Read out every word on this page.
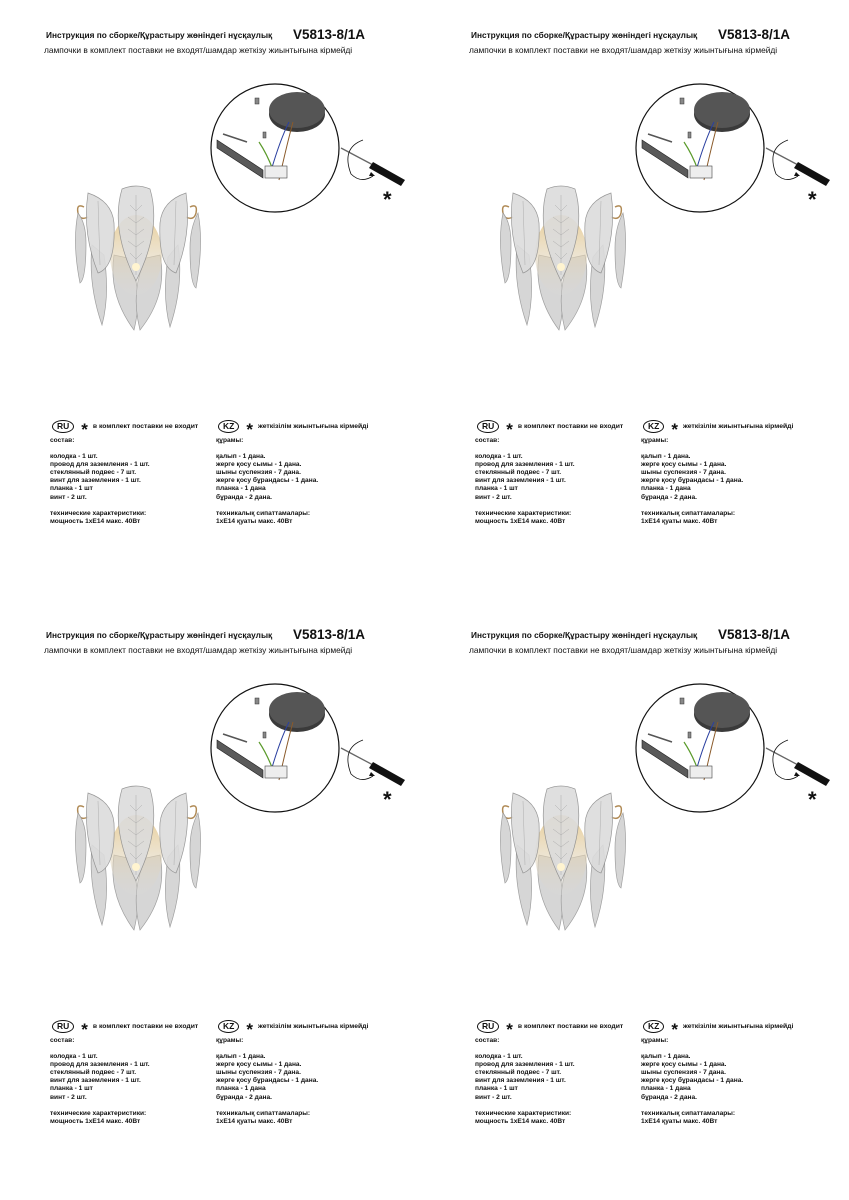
Инструкция по сборке/Құрастыру жөніндегі нұсқаулық	V5813-8/1A
лампочки в комплект поставки не входят/шамдар жеткізу жиынтығына кірмейді
*
RU * в комплект поставки не входит	KZ * жеткізілім жиынтығына кірмейді
состав:
колодка - 1 шт.
провод для заземления - 1 шт.
стеклянный подвес - 7 шт.
винт для заземления - 1 шт.
планка - 1 шт
винт - 2 шт.
технические характеристики:
мощность 1хЕ14 макс. 40Вт
құрамы:
қалып - 1 дана.
жерге қосу сымы - 1 дана.
шыны суспензия - 7 дана.
жерге қосу бұрандасы - 1 дана.
планка - 1 дана
бұранда - 2 дана.
техникалық сипаттамалары:
1хЕ14 қуаты макс. 40Вт
Инструкция по сборке/Құрастыру жөніндегі нұсқаулық	V5813-8/1A
лампочки в комплект поставки не входят/шамдар жеткізу жиынтығына кірмейді
*
RU * в комплект поставки не входит	KZ * жеткізілім жиынтығына кірмейді
состав:
колодка - 1 шт.
провод для заземления - 1 шт.
стеклянный подвес - 7 шт.
винт для заземления - 1 шт.
планка - 1 шт
винт - 2 шт.
технические характеристики:
мощность 1хЕ14 макс. 40Вт
құрамы:
қалып - 1 дана.
жерге қосу сымы - 1 дана.
шыны суспензия - 7 дана.
жерге қосу бұрандасы - 1 дана.
планка - 1 дана
бұранда - 2 дана.
техникалық сипаттамалары:
1хЕ14 қуаты макс. 40Вт
Инструкция по сборке/Құрастыру жөніндегі нұсқаулық	V5813-8/1A
лампочки в комплект поставки не входят/шамдар жеткізу жиынтығына кірмейді
*
RU * в комплект поставки не входит	KZ * жеткізілім жиынтығына кірмейді
состав:
колодка - 1 шт.
провод для заземления - 1 шт.
стеклянный подвес - 7 шт.
винт для заземления - 1 шт.
планка - 1 шт
винт - 2 шт.
технические характеристики:
мощность 1хЕ14 макс. 40Вт
құрамы:
қалып - 1 дана.
жерге қосу сымы - 1 дана.
шыны суспензия - 7 дана.
жерге қосу бұрандасы - 1 дана.
планка - 1 дана
бұранда - 2 дана.
техникалық сипаттамалары:
1хЕ14 қуаты макс. 40Вт
Инструкция по сборке/Құрастыру жөніндегі нұсқаулық	V5813-8/1A
лампочки в комплект поставки не входят/шамдар жеткізу жиынтығына кірмейді
*
RU * в комплект поставки не входит	KZ * жеткізілім жиынтығына кірмейді
состав:
колодка - 1 шт.
провод для заземления - 1 шт.
стеклянный подвес - 7 шт.
винт для заземления - 1 шт.
планка - 1 шт
винт - 2 шт.
технические характеристики:
мощность 1хЕ14 макс. 40Вт
құрамы:
қалып - 1 дана.
жерге қосу сымы - 1 дана.
шыны суспензия - 7 дана.
жерге қосу бұрандасы - 1 дана.
планка - 1 дана
бұранда - 2 дана.
техникалық сипаттамалары:
1хЕ14 қуаты макс. 40Вт
